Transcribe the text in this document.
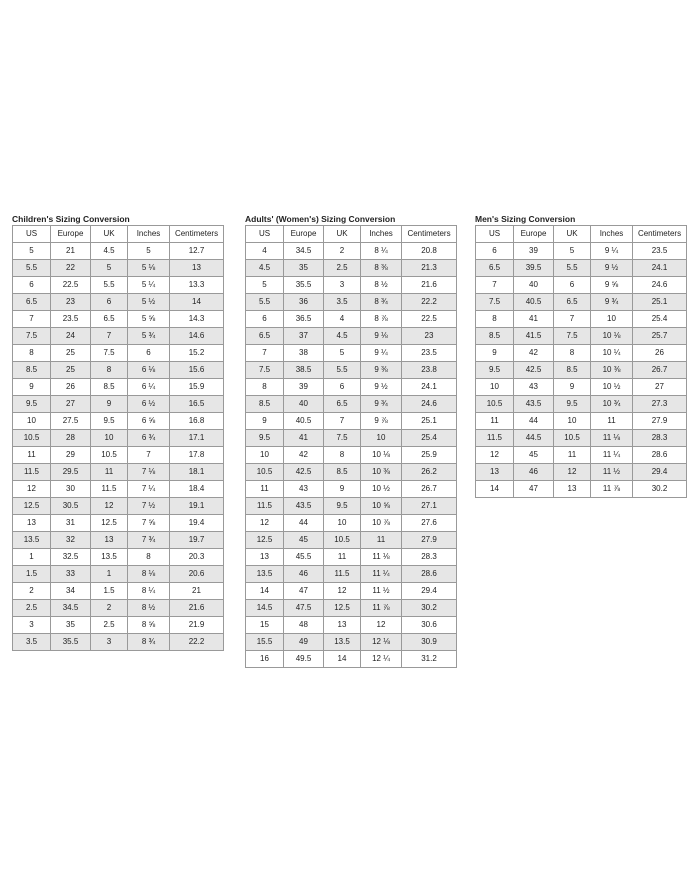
Children's Sizing Conversion
US	Europe	UK	Inches	Centimeters
5	21	4.5	5	12.7
5.5	22	5	5 ⅛	13
6	22.5	5.5	5 ¼	13.3
6.5	23	6	5 ½	14
7	23.5	6.5	5 ⅝	14.3
7.5	24	7	5 ¾	14.6
8	25	7.5	6	15.2
8.5	25	8	6 ⅛	15.6
9	26	8.5	6 ¼	15.9
9.5	27	9	6 ½	16.5
10	27.5	9.5	6 ⅝	16.8
10.5	28	10	6 ¾	17.1
11	29	10.5	7	17.8
11.5	29.5	11	7 ⅛	18.1
12	30	11.5	7 ¼	18.4
12.5	30.5	12	7 ½	19.1
13	31	12.5	7 ⅝	19.4
13.5	32	13	7 ¾	19.7
1	32.5	13.5	8	20.3
1.5	33	1	8 ⅛	20.6
2	34	1.5	8 ¼	21
2.5	34.5	2	8 ½	21.6
3	35	2.5	8 ⅝	21.9
3.5	35.5	3	8 ¾	22.2
Adults' (Women's) Sizing Conversion
US	Europe	UK	Inches	Centimeters
4	34.5	2	8 ¼	20.8
4.5	35	2.5	8 ⅜	21.3
5	35.5	3	8 ½	21.6
5.5	36	3.5	8 ¾	22.2
6	36.5	4	8 ⅞	22.5
6.5	37	4.5	9 ⅛	23
7	38	5	9 ¼	23.5
7.5	38.5	5.5	9 ⅜	23.8
8	39	6	9 ½	24.1
8.5	40	6.5	9 ¾	24.6
9	40.5	7	9 ⅞	25.1
9.5	41	7.5	10	25.4
10	42	8	10 ⅛	25.9
10.5	42.5	8.5	10 ⅜	26.2
11	43	9	10 ½	26.7
11.5	43.5	9.5	10 ⅝	27.1
12	44	10	10 ⅞	27.6
12.5	45	10.5	11	27.9
13	45.5	11	11 ⅛	28.3
13.5	46	11.5	11 ¼	28.6
14	47	12	11 ½	29.4
14.5	47.5	12.5	11 ⅞	30.2
15	48	13	12	30.6
15.5	49	13.5	12 ⅛	30.9
16	49.5	14	12 ¼	31.2
Men's Sizing Conversion
US	Europe	UK	Inches	Centimeters
6	39	5	9 ¼	23.5
6.5	39.5	5.5	9 ½	24.1
7	40	6	9 ⅝	24.6
7.5	40.5	6.5	9 ¾	25.1
8	41	7	10	25.4
8.5	41.5	7.5	10 ⅛	25.7
9	42	8	10 ¼	26
9.5	42.5	8.5	10 ⅜	26.7
10	43	9	10 ½	27
10.5	43.5	9.5	10 ¾	27.3
11	44	10	11	27.9
11.5	44.5	10.5	11 ⅛	28.3
12	45	11	11 ¼	28.6
13	46	12	11 ½	29.4
14	47	13	11 ⅞	30.2
